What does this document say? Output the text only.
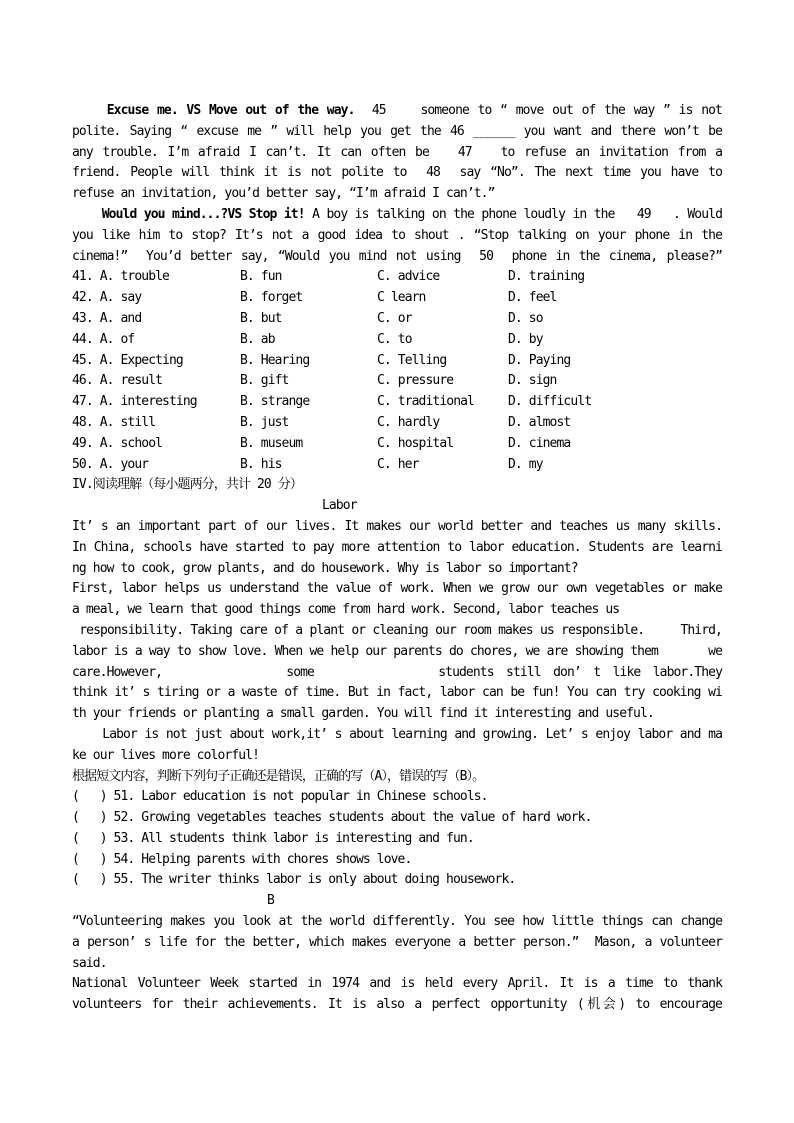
Excuse me. VS Move out of the way.  45    someone to “ move out of the way ” is not
polite. Saying “ excuse me ” will help you get the 46 ______ you want and there won’t be
any trouble. I’m afraid I can’t. It can often be   47   to refuse an invitation from a
friend. People will think it is not polite to  48  say “No”. The next time you have to
refuse an invitation, you’d better say, “I’m afraid I can’t.”
Would you mind...?VS Stop it! A boy is talking on the phone loudly in the   49   . Would
you like him to stop? It’s not a good idea to shout . “Stop talking on your phone in the
cinema!”  You’d better say, “Would you mind not using  50  phone in the cinema, please?”
41. A. trouble	B. fun	C. advice	D. training
42. A. say	B. forget	C learn	D. feel
43. A. and	B. but	C. or	D. so
44. A. of	B. ab	C. to	D. by
45. A. Expecting	B. Hearing	C. Telling	D. Paying
46. A. result	B. gift	C. pressure	D. sign
47. A. interesting	B. strange	C. traditional	D. difficult
48. A. still	B. just	C. hardly	D. almost
49. A. school	B. museum	C. hospital	D. cinema
50. A. your	B. his	C. her	D. my
IV.阅读理解（每小题两分，共计 20 分）
Labor
It’ s an important part of our lives. It makes our world better and teaches us many skills.
In China, schools have started to pay more attention to labor education. Students are learni
ng how to cook, grow plants, and do housework. Why is labor so important?
First, labor helps us understand the value of work. When we grow our own vegetables or make
a meal, we learn that good things come from hard work. Second, labor teaches us
responsibility. Taking care of a plant or cleaning our room makes us responsible.     Third,
labor is a way to show love. When we help our parents do chores, we are showing them       we
care.However,          some          students still don’ t like labor.They
think it’ s tiring or a waste of time. But in fact, labor can be fun! You can try cooking wi
th your friends or planting a small garden. You will find it interesting and useful.
Labor is not just about work,it’ s about learning and growing. Let’ s enjoy labor and ma
ke our lives more colorful!
根据短文内容，判断下列句子正确还是错误，正确的写（A），错误的写（B）。
(   ) 51. Labor education is not popular in Chinese schools.
(   ) 52. Growing vegetables teaches students about the value of hard work.
(   ) 53. All students think labor is interesting and fun.
(   ) 54. Helping parents with chores shows love.
(   ) 55. The writer thinks labor is only about doing housework.
B
“Volunteering makes you look at the world differently. You see how little things can change
a person’ s life for the better, which makes everyone a better person.”  Mason, a volunteer
said.
National Volunteer Week started in 1974 and is held every April. It is a time to thank
volunteers for their achievements. It is also a perfect opportunity (机会) to encourage
